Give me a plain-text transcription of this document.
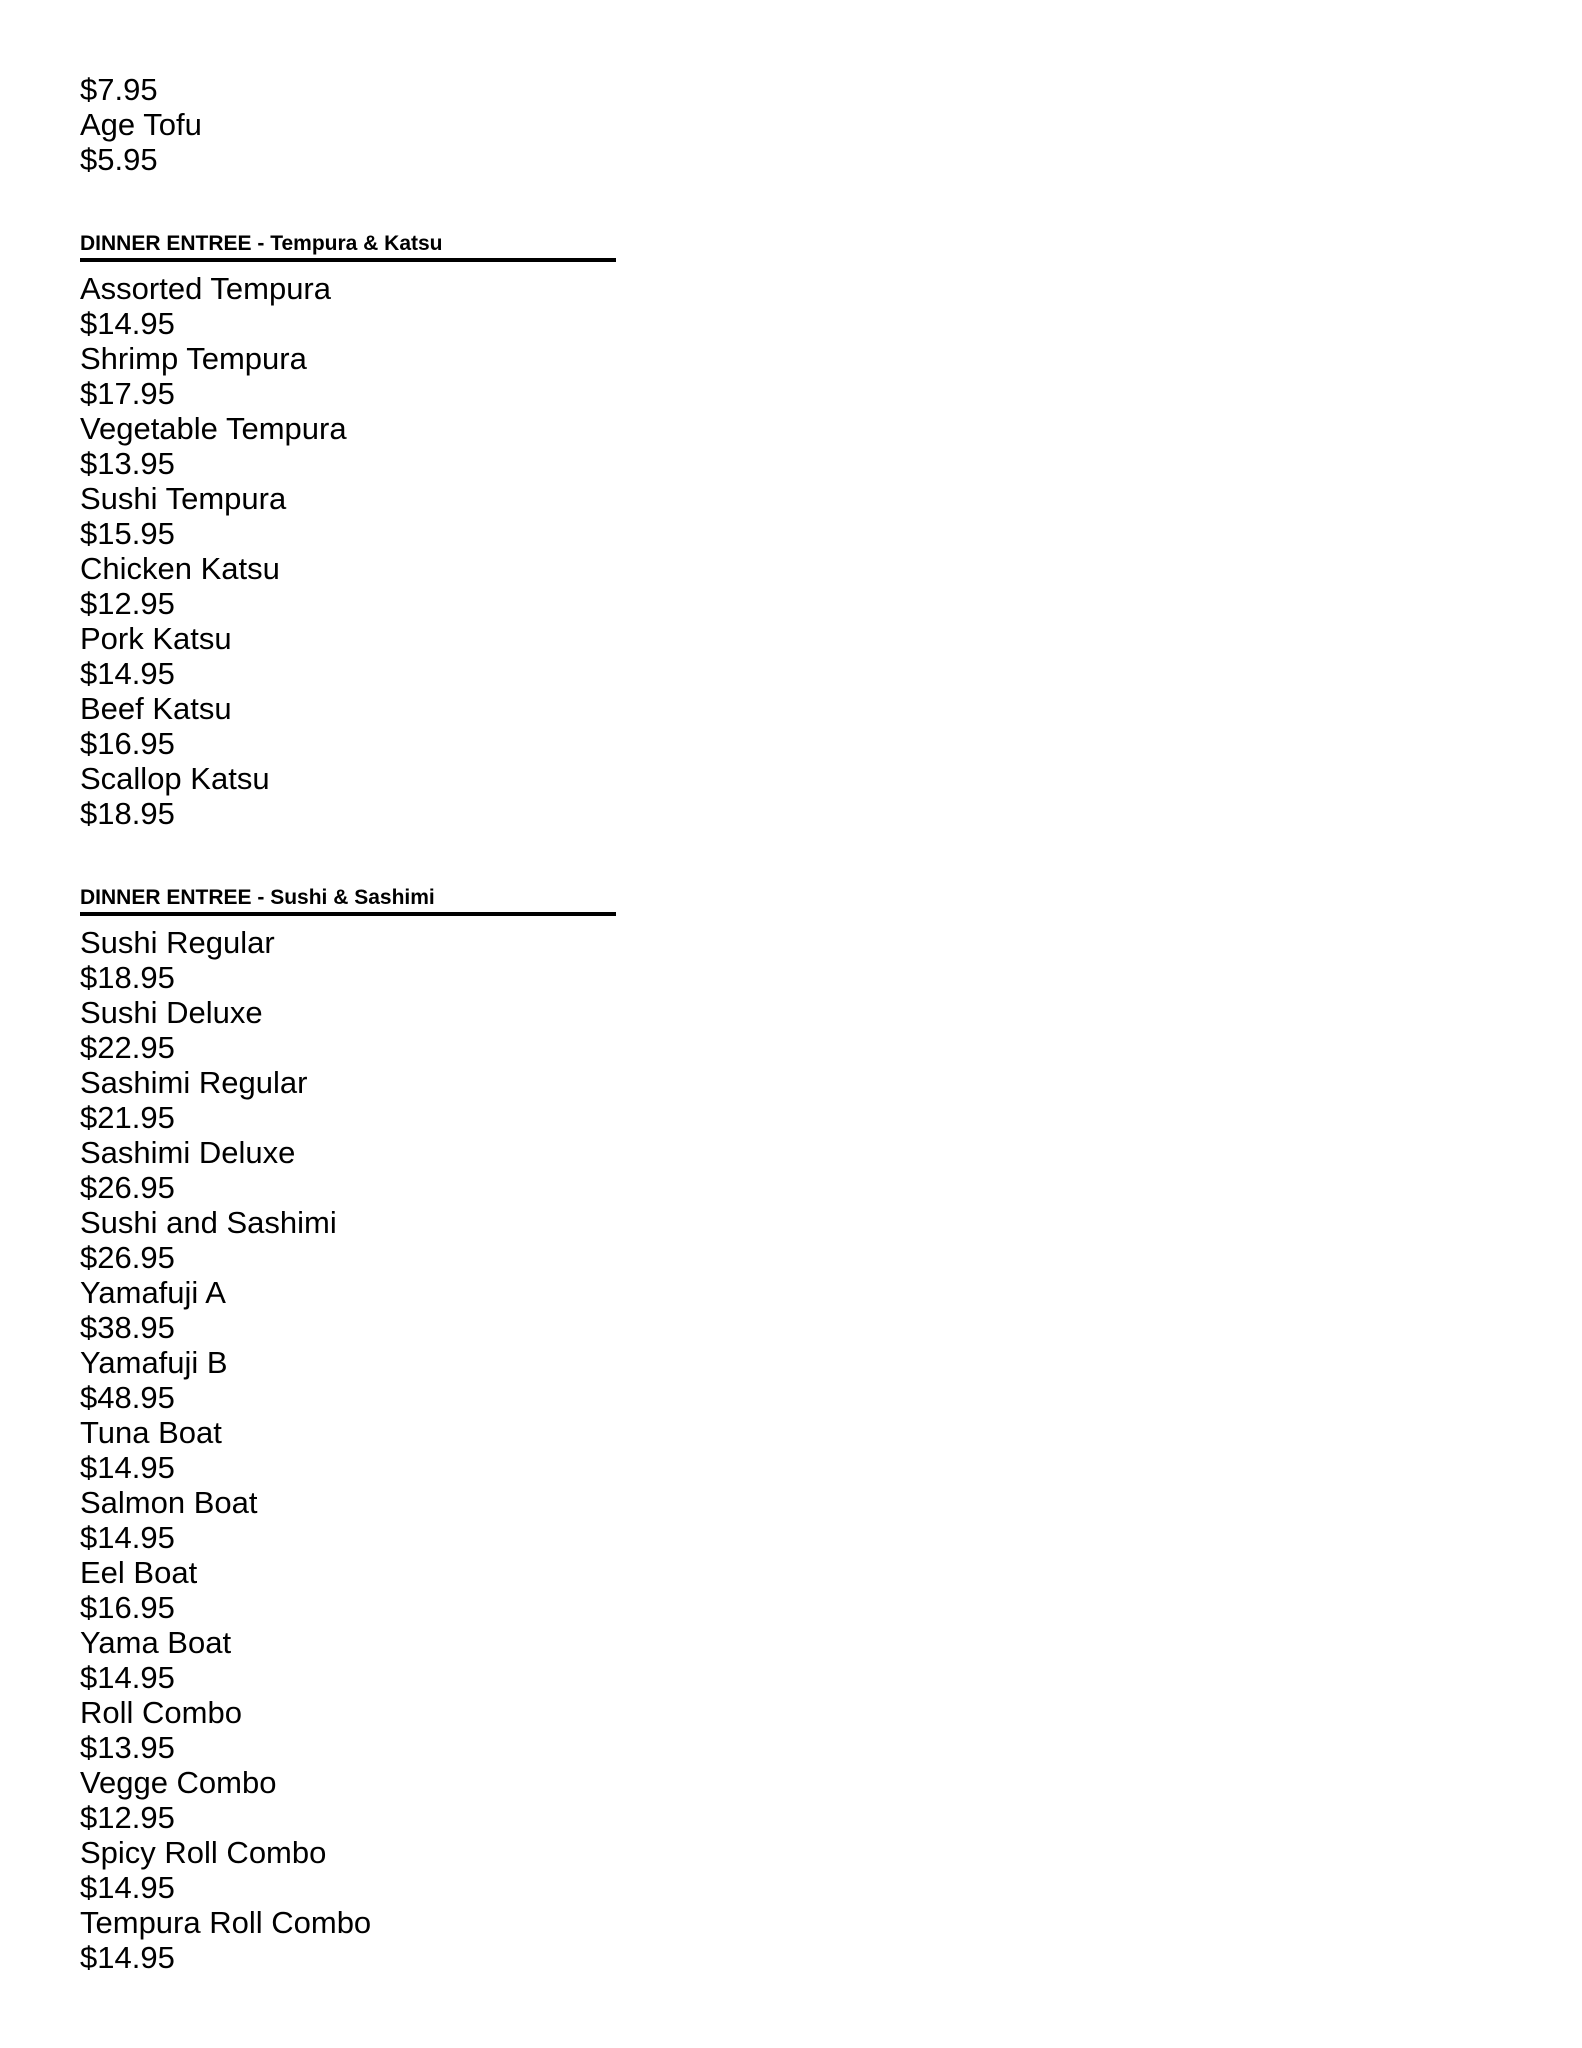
$7.95
Age Tofu
$5.95
DINNER ENTREE - Tempura & Katsu
Assorted Tempura
$14.95
Shrimp Tempura
$17.95
Vegetable Tempura
$13.95
Sushi Tempura
$15.95
Chicken Katsu
$12.95
Pork Katsu
$14.95
Beef Katsu
$16.95
Scallop Katsu
$18.95
DINNER ENTREE - Sushi & Sashimi
Sushi Regular
$18.95
Sushi Deluxe
$22.95
Sashimi Regular
$21.95
Sashimi Deluxe
$26.95
Sushi and Sashimi
$26.95
Yamafuji A
$38.95
Yamafuji B
$48.95
Tuna Boat
$14.95
Salmon Boat
$14.95
Eel Boat
$16.95
Yama Boat
$14.95
Roll Combo
$13.95
Vegge Combo
$12.95
Spicy Roll Combo
$14.95
Tempura Roll Combo
$14.95
